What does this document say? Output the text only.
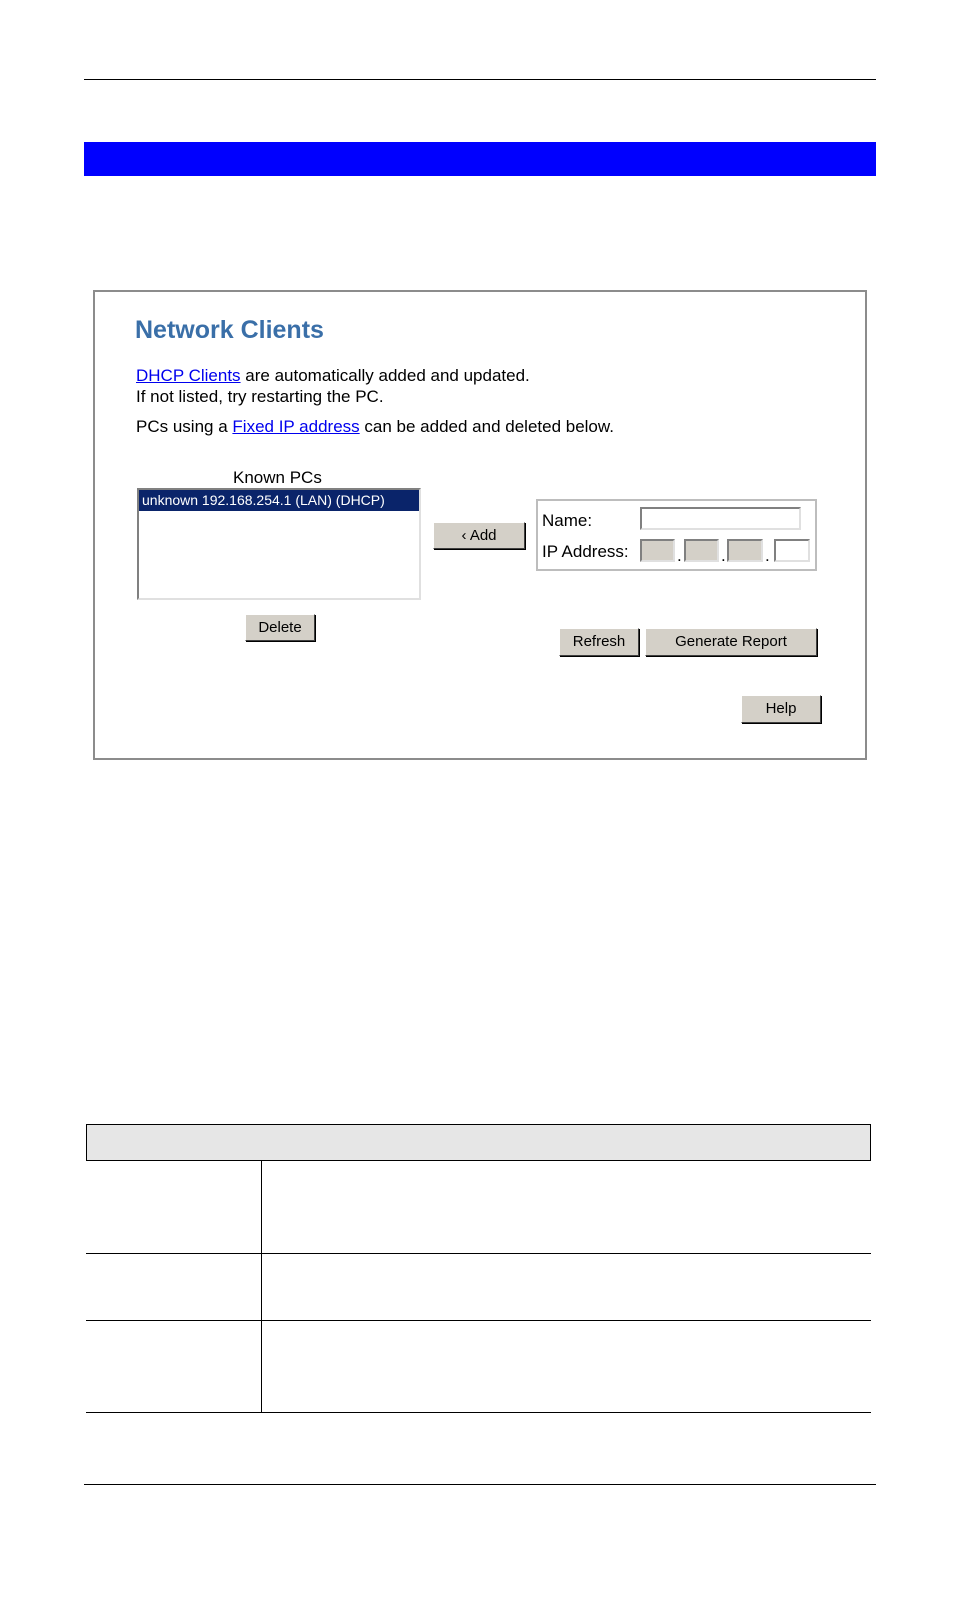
Network Clients
DHCP Clients are automatically added and updated.
If not listed, try restarting the PC.
PCs using a Fixed IP address can be added and deleted below.
Known PCs
unknown 192.168.254.1 (LAN) (DHCP)
Delete
‹ Add
Name:
IP Address:	. . .
Refresh	Generate Report
Help
